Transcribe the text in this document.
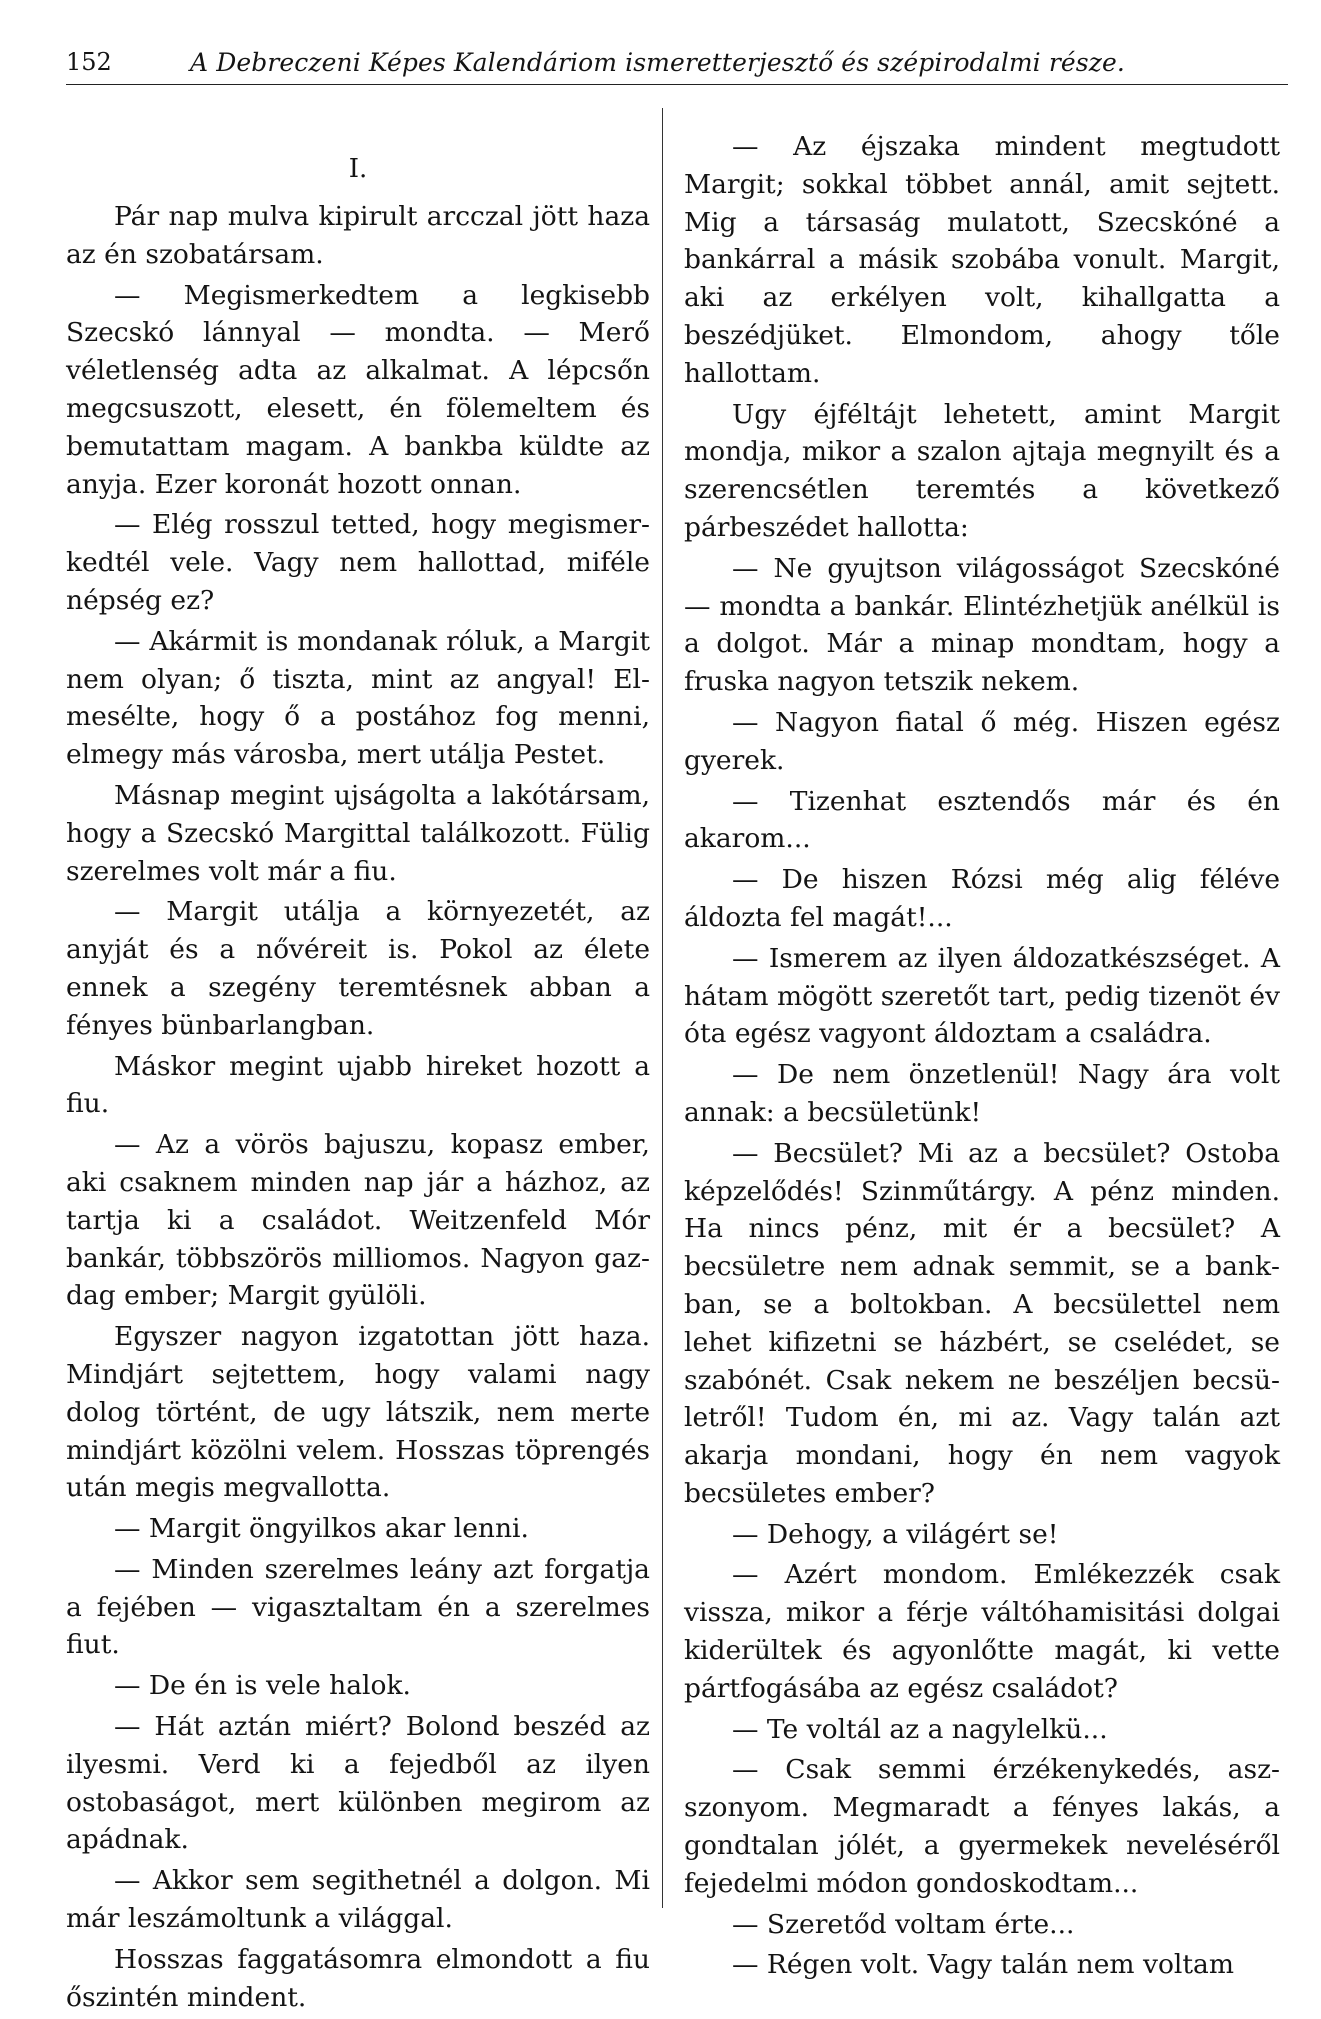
152	A Debreczeni Képes Kalendáriom ismeretterjesztő és szépirodalmi része.
I.

Pár nap mulva kipirult arcczal jött haza az én szobatársam.

— Megismerkedtem a legkisebb Szecskó lánnyal — mondta. — Merő véletlenség adta az alkalmat. A lépcsőn megcsuszott, elesett, én fölemeltem és bemutattam magam. A bankba küldte az anyja. Ezer koronát hozott onnan.

— Elég rosszul tetted, hogy megismerkedtél vele. Vagy nem hallottad, miféle népség ez?

— Akármit is mondanak róluk, a Margit nem olyan; ő tiszta, mint az angyal! Elmesélte, hogy ő a postához fog menni, elmegy más városba, mert utálja Pestet.

Másnap megint ujságolta a lakótársam, hogy a Szecskó Margittal találkozott. Fülig szerelmes volt már a fiu.

— Margit utálja a környezetét, az anyját és a nővéreit is. Pokol az élete ennek a szegény teremtésnek abban a fényes bünbarlangban.

Máskor megint ujabb hireket hozott a fiu.

— Az a vörös bajuszu, kopasz ember, aki csaknem minden nap jár a házhoz, az tartja ki a családot. Weitzenfeld Mór bankár, többszörös milliomos. Nagyon gazdag ember; Margit gyülöli.

Egyszer nagyon izgatottan jött haza. Mindjárt sejtettem, hogy valami nagy dolog történt, de ugy látszik, nem merte mindjárt közölni velem. Hosszas töprengés után megis megvallotta.

— Margit öngyilkos akar lenni.

— Minden szerelmes leány azt forgatja a fejében — vigasztaltam én a szerelmes fiut.

— De én is vele halok.

— Hát aztán miért? Bolond beszéd az ilyesmi. Verd ki a fejedből az ilyen ostobaságot, mert különben megirom az apádnak.

— Akkor sem segithetnél a dolgon. Mi már leszámoltunk a világgal.

Hosszas faggatásomra elmondott a fiu őszintén mindent.

— Az éjszaka mindent megtudott Margit; sokkal többet annál, amit sejtett. Mig a társaság mulatott, Szecskóné a bankárral a másik szobába vonult. Margit, aki az erkélyen volt, kihallgatta a beszédjüket. Elmondom, ahogy tőle hallottam.

Ugy éjféltájt lehetett, amint Margit mondja, mikor a szalon ajtaja megnyilt és a szerencsétlen teremtés a következő párbeszédet hallotta:

— Ne gyujtson világosságot Szecskóné — mondta a bankár. Elintézhetjük anélkül is a dolgot. Már a minap mondtam, hogy a fruska nagyon tetszik nekem.

— Nagyon fiatal ő még. Hiszen egész gyerek.

— Tizenhat esztendős már és én akarom...

— De hiszen Rózsi még alig féléve áldozta fel magát!...

— Ismerem az ilyen áldozatkészséget. A hátam mögött szeretőt tart, pedig tizenöt év óta egész vagyont áldoztam a családra.

— De nem önzetlenül! Nagy ára volt annak: a becsületünk!

— Becsület? Mi az a becsület? Ostoba képzelődés! Szinműtárgy. A pénz minden. Ha nincs pénz, mit ér a becsület? A becsületre nem adnak semmit, se a bankban, se a boltokban. A becsülettel nem lehet kifizetni se házbért, se cselédet, se szabónét. Csak nekem ne beszéljen becsületről! Tudom én, mi az. Vagy talán azt akarja mondani, hogy én nem vagyok becsületes ember?

— Dehogy, a világért se!

— Azért mondom. Emlékezzék csak vissza, mikor a férje váltóhamisitási dolgai kiderültek és agyonlőtte magát, ki vette pártfogásába az egész családot?

— Te voltál az a nagylelkü...

— Csak semmi érzékenykedés, aszszonyom. Megmaradt a fényes lakás, a gondtalan jólét, a gyermekek neveléséről fejedelmi módon gondoskodtam...

— Szeretőd voltam érte...

— Régen volt. Vagy talán nem voltam
